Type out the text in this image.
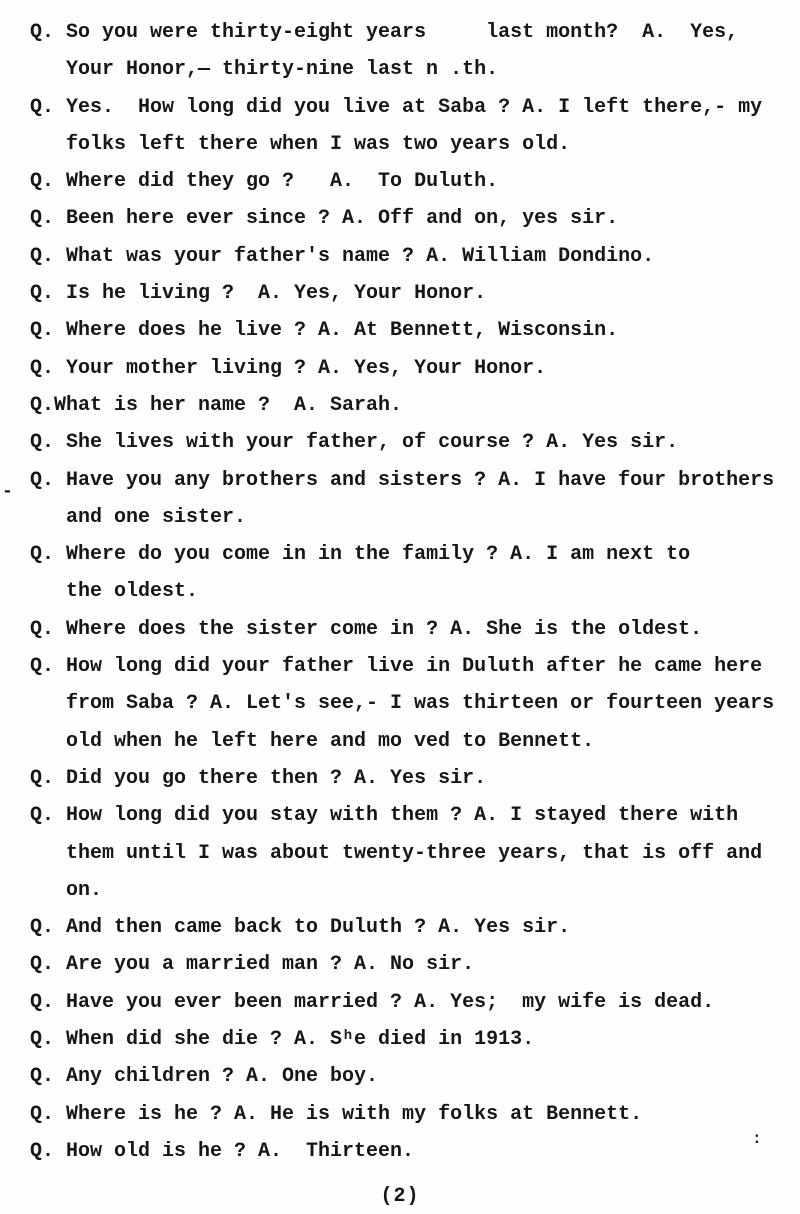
Q. So you were thirty-eight years     last month?  A.  Yes,
Your Honor,— thirty-nine last n .th.
Q. Yes.  How long did you live at Saba ? A. I left there,- my
folks left there when I was two years old.
Q. Where did they go ?   A.  To Duluth.
Q. Been here ever since ? A. Off and on, yes sir.
Q. What was your father's name ? A. William Dondino.
Q. Is he living ?  A. Yes, Your Honor.
Q. Where does he live ? A. At Bennett, Wisconsin.
Q. Your mother living ? A. Yes, Your Honor.
Q.What is her name ?  A. Sarah.
Q. She lives with your father, of course ? A. Yes sir.
Q. Have you any brothers and sisters ? A. I have four brothers
and one sister.
Q. Where do you come in in the family ? A. I am next to
the oldest.
Q. Where does the sister come in ? A. She is the oldest.
Q. How long did your father live in Duluth after he came here
from Saba ? A. Let's see,- I was thirteen or fourteen years
old when he left here and mo ved to Bennett.
Q. Did you go there then ? A. Yes sir.
Q. How long did you stay with them ? A. I stayed there with
them until I was about twenty-three years, that is off and
on.
Q. And then came back to Duluth ? A. Yes sir.
Q. Are you a married man ? A. No sir.
Q. Have you ever been married ? A. Yes;  my wife is dead.
Q. When did she die ? A. Sʰe died in 1913.
Q. Any children ? A. One boy.
Q. Where is he ? A. He is with my folks at Bennett.
Q. How old is he ? A.  Thirteen.
-
:
(2)
